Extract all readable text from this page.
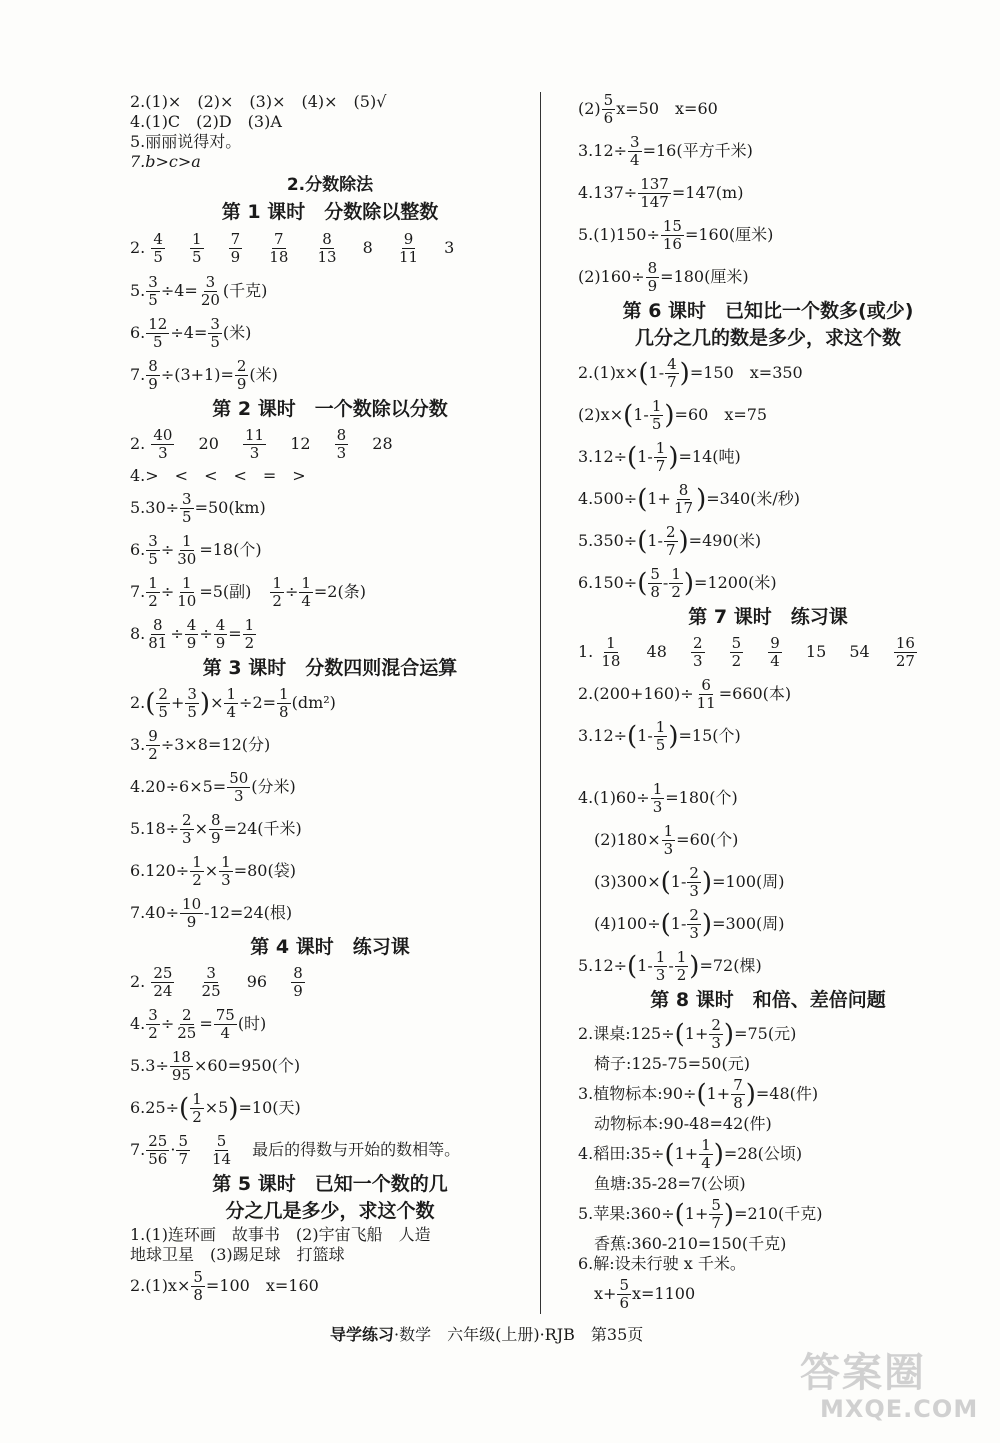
2.(1)×　(2)×　(3)×　(4)×　(5)√
4.(1)C　(2)D　(3)A
5.丽丽说得对。
7.b>c>a
2.分数除法
第 1 课时　分数除以整数
2. $\frac{4}{5}$
$\frac{1}{5}$
$\frac{7}{9}$
$\frac{7}{18}$
$\frac{8}{13} 8 \frac{9}{11} 3$
5. $\frac{3}{5} \div 4= \frac{3}{20}$ (千克)
6. $\frac{12}{5} \div 4= \frac{3}{5}$ (米)
7. $\frac{8}{9} \div(3+1)= \frac{2}{9}$ (米)
第 2 课时　一个数除以分数
2. $\frac{40}{3} 20 \frac{11}{3} 12 \frac{8}{3} 28$
4.>　<　<　<　=　>
$5.30\div \frac{3}{5} =50(km)$
6. $\frac{3}{5} \div \frac{1}{30} =18$(个)
7. $\frac{1}{2} \div \frac{1}{10} =5$(副) $\frac{1}{2} \div \frac{1}{4} =2$(条)
8. $\frac{8}{81} \div \frac{4}{9} \div \frac{4}{9} = \frac{1}{2}$
第 3 课时　分数四则混合运算
$2.( \frac{2}{5} + \frac{3}{5}$ )× $\frac{1}{4} \div 2= \frac{1}{8} (dm^2)$
3. $\frac{9}{2} \div 3\times 8=12$(分)
$4.20\div 6\times 5= \frac{50}{3}$ (分米)
$5.18\div \frac{2}{3} \times \frac{8}{9} =24$(千米)
$6.120\div \frac{1}{2} \times \frac{1}{3} =80$(袋)
$7.40\div \frac{10}{9} -12=24$(根)
第 4 课时　练习课
2. $\frac{25}{24}$
$\frac{3}{25} 96 \frac{8}{9}$
4. $\frac{3}{2} \div \frac{2}{25} = \frac{75}{4}$ (时)
$5.3\div \frac{18}{95} \times 60=950$(个)
$6.25\div( \frac{1}{2} \times 5)=10$(天)
7. $\frac{25}{56} \cdot \frac{5}{7} \frac{5}{14}$ 最后的得数与开始的数相等。
第 5 课时　已知一个数的几
分之几是多少，求这个数
1.(1)连环画　故事书　(2)宇宙飞船　人造
地球卫星　(3)踢足球　打篮球
$2.(1)x\times \frac{5}{8} =100$　x=160
$(2) \frac{5}{6} x=50$　x=60
$3.12\div \frac{3}{4} =16$(平方千米)
$4.137\div \frac{137}{147} =147(m)$
$5.(1)150\div \frac{15}{16} =160$(厘米)
$(2)160\div \frac{8}{9} =180$(厘米)
第 6 课时　已知比一个数多(或少)
几分之几的数是多少，求这个数
$2.(1)x\times(1- \frac{4}{7} )=150$　x=350
$(2)x\times(1- \frac{1}{5} )=60$　x=75
$3.12\div(1- \frac{1}{7} )=14$(吨)
$4.500\div(1+ \frac{8}{17} )=340$(米/秒)
$5.350\div(1- \frac{2}{7} )=490$(米)
$6.150\div( \frac{5}{8} - \frac{1}{2} )=1200$(米)
第 7 课时　练习课
1. $\frac{1}{18} 48 \frac{2}{3}$
$\frac{5}{2}$
$\frac{9}{4} 15$ $54 \frac{16}{27}$
$2.(200+160)\div \frac{6}{11} =660$(本)
$3.12\div(1- \frac{1}{5} )=15$(个)
$4.(1)60\div \frac{1}{3} =180$(个)
$(2)180\times \frac{1}{3} =60$(个)
$(3)300\times(1- \frac{2}{3} )=100$(周)
$(4)100\div(1- \frac{2}{3} )=300$(周)
$5.12\div(1- \frac{1}{3} - \frac{1}{2} )=72$(棵)
第 8 课时　和倍、差倍问题
2.课桌:125÷(1+ $\frac{2}{3} )=75$(元)
椅子:125-75=50(元)
3.植物标本:90÷(1+ $\frac{7}{8} )=48$(件)
动物标本:90-48=42(件)
4.稻田:35÷(1+ $\frac{1}{4} )=28$(公顷)
鱼塘:35-28=7(公顷)
5.苹果:360÷(1+ $\frac{5}{7} )=210$(千克)
香蕉:360-210=150(千克)
6.解:设未行驶 x 千米。
$x+ \frac{5}{6} x=1100$
导学练习·数学　六年级(上册)·RJB　第35页
答案圈
MXQE.COM
